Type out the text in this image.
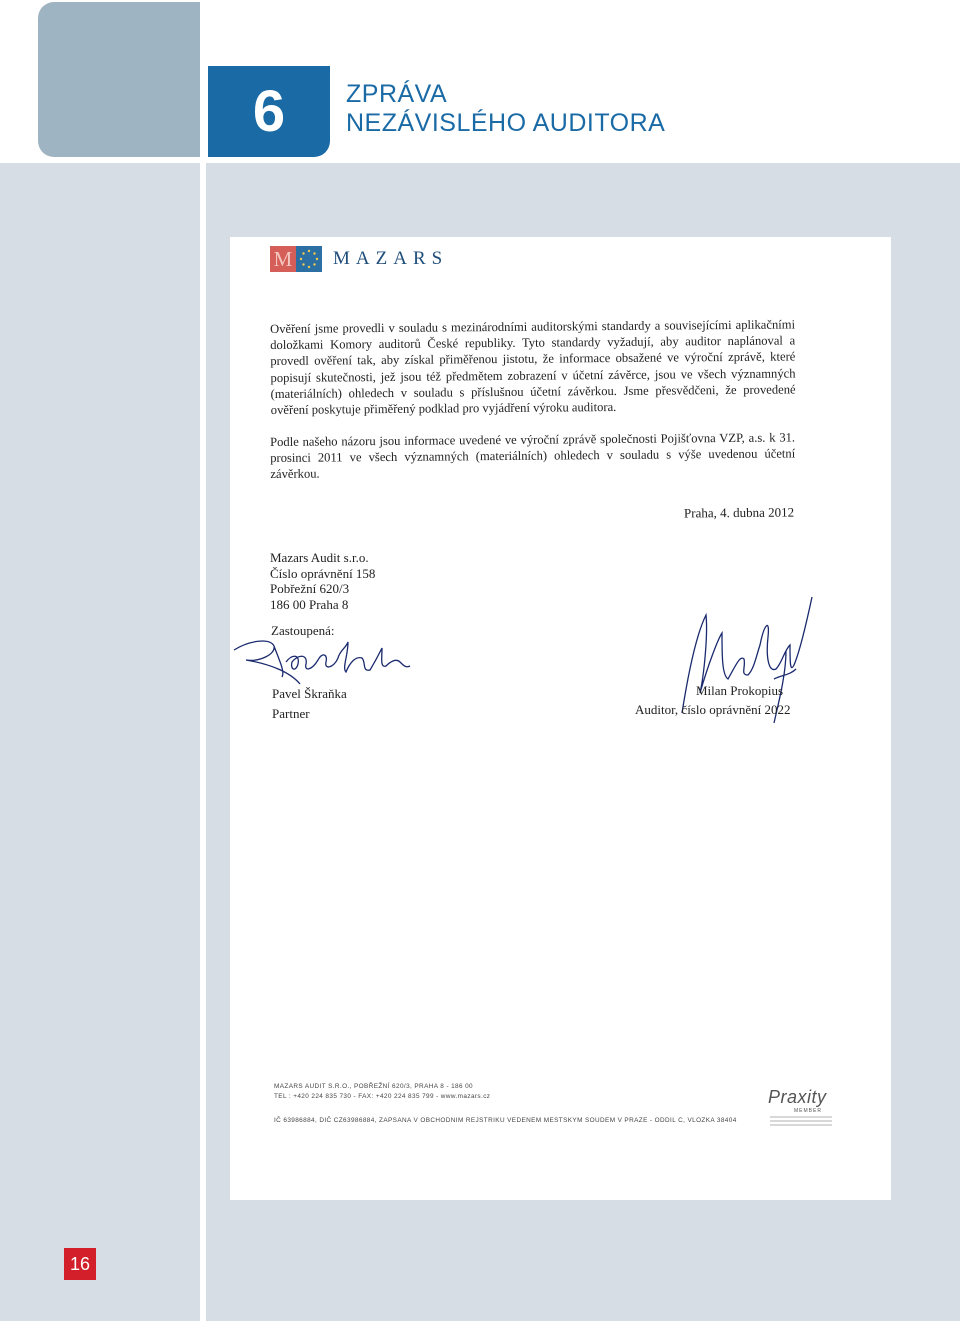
6	ZPRÁVA
NEZÁVISLÉHO AUDITORA
M MAZARS
Ověření jsme provedli v souladu s mezinárodními auditorskými standardy a souvisejícími aplikačními doložkami Komory auditorů České republiky. Tyto standardy vyžadují, aby auditor naplánoval a provedl ověření tak, aby získal přiměřenou jistotu, že informace obsažené ve výroční zprávě, které popisují skutečnosti, jež jsou též předmětem zobrazení v účetní závěrce, jsou ve všech významných (materiálních) ohledech v souladu s příslušnou účetní závěrkou. Jsme přesvědčeni, že provedené ověření poskytuje přiměřený podklad pro vyjádření výroku auditora.
Podle našeho názoru jsou informace uvedené ve výroční zprávě společnosti Pojišťovna VZP, a.s. k 31. prosinci 2011 ve všech významných (materiálních) ohledech v souladu s výše uvedenou účetní závěrkou.
Praha, 4. dubna 2012
Mazars Audit s.r.o.
Číslo oprávnění 158
Pobřežní 620/3
186 00 Praha 8
Zastoupená:
Pavel Škraňka
Partner
Milan Prokopius
Auditor, číslo oprávnění 2022
MAZARS AUDIT S.R.O., POBŘEŽNÍ 620/3, PRAHA 8 - 186 00
TEL : +420 224 835 730 - FAX: +420 224 835 799 - www.mazars.cz
IČ 63986884, DIČ CZ63986884, ZAPSANA V OBCHODNIM REJSTRIKU VEDENEM MESTSKYM SOUDEM V PRAZE - ODDIL C, VLOZKA 38404
Praxity
MEMBER
16
